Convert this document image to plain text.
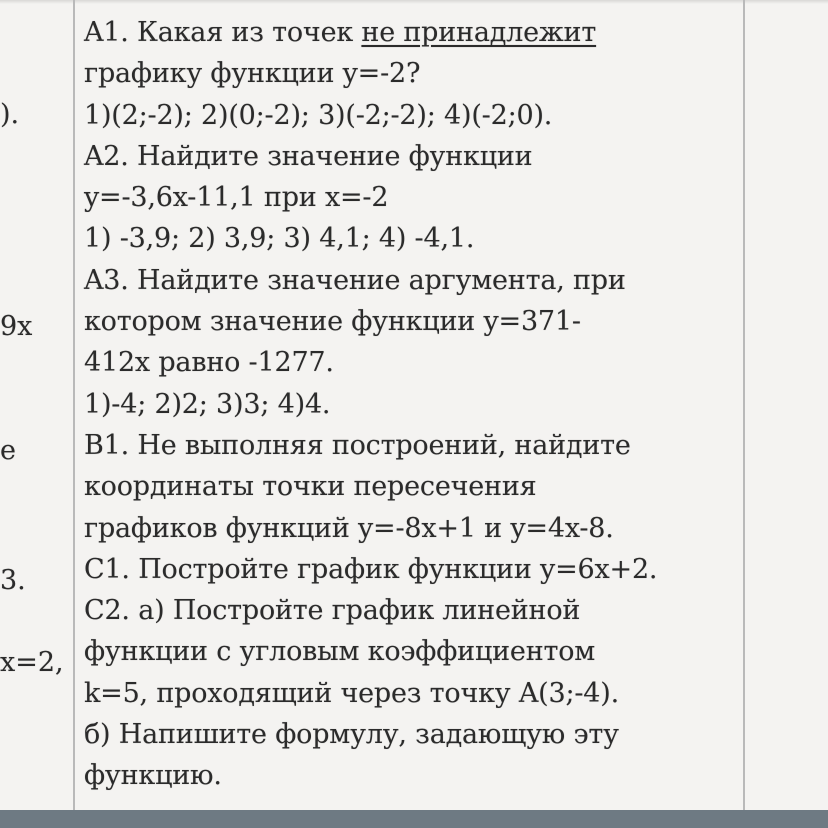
).
9x
e
3.
x=2,
A1. Какая из точек не принадлежит
графику функции y=-2?
1)(2;-2); 2)(0;-2); 3)(-2;-2); 4)(-2;0).
A2. Найдите значение функции
y=-3,6x-11,1 при x=-2
1) -3,9; 2) 3,9; 3) 4,1; 4) -4,1.
A3. Найдите значение аргумента, при
котором значение функции y=371-
412x равно -1277.
1)-4; 2)2; 3)3; 4)4.
B1. Не выполняя построений, найдите
координаты точки пересечения
графиков функций y=-8x+1 и y=4x-8.
C1. Постройте график функции y=6x+2.
C2. а) Постройте график линейной
функции с угловым коэффициентом
k=5, проходящий через точку A(3;-4).
б) Напишите формулу, задающую эту
функцию.
